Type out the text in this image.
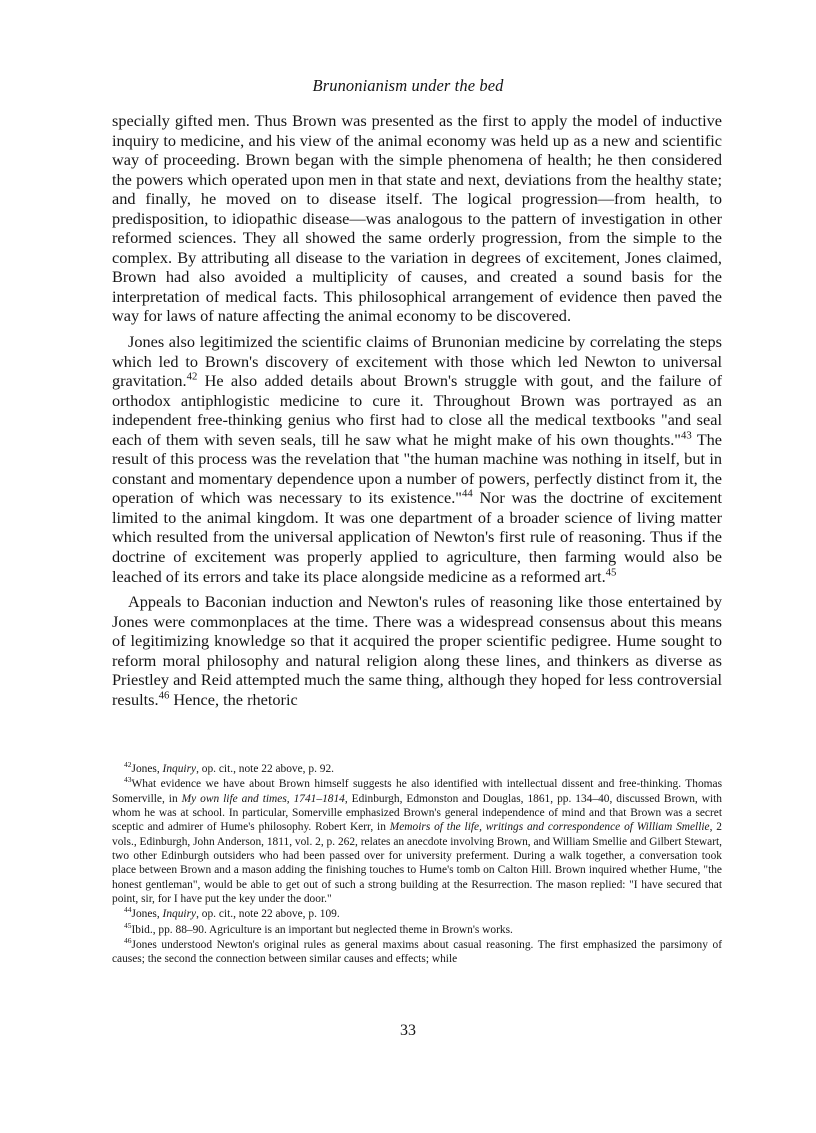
Brunonianism under the bed

specially gifted men. Thus Brown was presented as the first to apply the model of inductive inquiry to medicine, and his view of the animal economy was held up as a new and scientific way of proceeding. Brown began with the simple phenomena of health; he then considered the powers which operated upon men in that state and next, deviations from the healthy state; and finally, he moved on to disease itself. The logical progression—from health, to predisposition, to idiopathic disease—was analogous to the pattern of investigation in other reformed sciences. They all showed the same orderly progression, from the simple to the complex. By attributing all disease to the variation in degrees of excitement, Jones claimed, Brown had also avoided a multiplicity of causes, and created a sound basis for the interpretation of medical facts. This philosophical arrangement of evidence then paved the way for laws of nature affecting the animal economy to be discovered.

Jones also legitimized the scientific claims of Brunonian medicine by correlating the steps which led to Brown's discovery of excitement with those which led Newton to universal gravitation.$^{42}$ He also added details about Brown's struggle with gout, and the failure of orthodox antiphlogistic medicine to cure it. Throughout Brown was portrayed as an independent free-thinking genius who first had to close all the medical textbooks "and seal each of them with seven seals, till he saw what he might make of his own thoughts."$^{43}$ The result of this process was the revelation that "the human machine was nothing in itself, but in constant and momentary dependence upon a number of powers, perfectly distinct from it, the operation of which was necessary to its existence."$^{44}$ Nor was the doctrine of excitement limited to the animal kingdom. It was one department of a broader science of living matter which resulted from the universal application of Newton's first rule of reasoning. Thus if the doctrine of excitement was properly applied to agriculture, then farming would also be leached of its errors and take its place alongside medicine as a reformed art.$^{45}$

Appeals to Baconian induction and Newton's rules of reasoning like those entertained by Jones were commonplaces at the time. There was a widespread consensus about this means of legitimizing knowledge so that it acquired the proper scientific pedigree. Hume sought to reform moral philosophy and natural religion along these lines, and thinkers as diverse as Priestley and Reid attempted much the same thing, although they hoped for less controversial results.$^{46}$ Hence, the rhetoric

$^{42}$Jones, Inquiry, op. cit., note 22 above, p. 92.

$^{43}$What evidence we have about Brown himself suggests he also identified with intellectual dissent and free-thinking. Thomas Somerville, in My own life and times, 1741–1814, Edinburgh, Edmonston and Douglas, 1861, pp. 134–40, discussed Brown, with whom he was at school. In particular, Somerville emphasized Brown's general independence of mind and that Brown was a secret sceptic and admirer of Hume's philosophy. Robert Kerr, in Memoirs of the life, writings and correspondence of William Smellie, 2 vols., Edinburgh, John Anderson, 1811, vol. 2, p. 262, relates an anecdote involving Brown, and William Smellie and Gilbert Stewart, two other Edinburgh outsiders who had been passed over for university preferment. During a walk together, a conversation took place between Brown and a mason adding the finishing touches to Hume's tomb on Calton Hill. Brown inquired whether Hume, "the honest gentleman", would be able to get out of such a strong building at the Resurrection. The mason replied: "I have secured that point, sir, for I have put the key under the door."

$^{44}$Jones, Inquiry, op. cit., note 22 above, p. 109.

$^{45}$Ibid., pp. 88–90. Agriculture is an important but neglected theme in Brown's works.

$^{46}$Jones understood Newton's original rules as general maxims about casual reasoning. The first emphasized the parsimony of causes; the second the connection between similar causes and effects; while

33
